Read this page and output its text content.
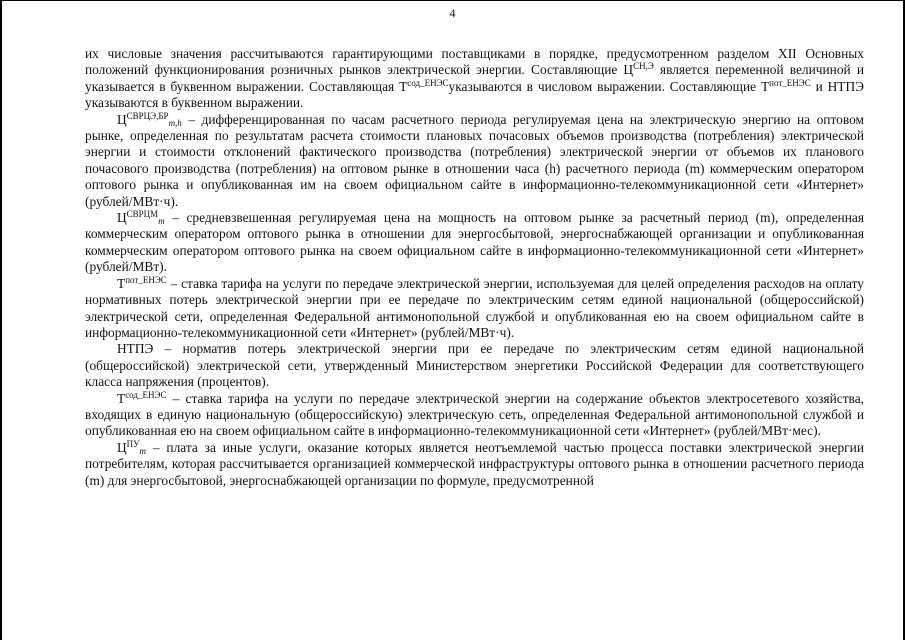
4

их числовые значения рассчитываются гарантирующими поставщиками в порядке, предусмотренном разделом XII Основных положений функционирования розничных рынков электрической энергии. Составляющие $Ц^{СН,Э}$ является переменной величиной и указывается в буквенном выражении. Составляющая $Т^{сод\_ЕНЭС}указываются$ в числовом выражении. Составляющие $Т^{пот\_ЕНЭС}$ и НТПЭ указываются в буквенном выражении.

$Ц^{СВРЦЭ,БР}_{m,h}$ – дифференцированная по часам расчетного периода регулируемая цена на электрическую энергию на оптовом рынке, определенная по результатам расчета стоимости плановых почасовых объемов производства (потребления) электрической энергии и стоимости отклонений фактического производства (потребления) электрической энергии от объемов их планового почасового производства (потребления) на оптовом рынке в отношении часа (h) расчетного периода (m) коммерческим оператором оптового рынка и опубликованная им на своем официальном сайте в информационно-телекоммуникационной сети «Интернет» (рублей/МВт·ч).

$Ц^{СВРЦМ}_m$ – средневзвешенная регулируемая цена на мощность на оптовом рынке за расчетный период (m), определенная коммерческим оператором оптового рынка в отношении для энергосбытовой, энергоснабжающей организации и опубликованная коммерческим оператором оптового рынка на своем официальном сайте в информационно-телекоммуникационной сети «Интернет» (рублей/МВт).

$Т^{пот\_ЕНЭС}$ – ставка тарифа на услуги по передаче электрической энергии, используемая для целей определения расходов на оплату нормативных потерь электрической энергии при ее передаче по электрическим сетям единой национальной (общероссийской) электрической сети, определенная Федеральной антимонопольной службой и опубликованная ею на своем официальном сайте в информационно-телекоммуникационной сети «Интернет» (рублей/МВт·ч).

НТПЭ – норматив потерь электрической энергии при ее передаче по электрическим сетям единой национальной (общероссийской) электрической сети, утвержденный Министерством энергетики Российской Федерации для соответствующего класса напряжения (процентов).

$Т^{сод\_ЕНЭС}$ – ставка тарифа на услуги по передаче электрической энергии на содержание объектов электросетевого хозяйства, входящих в единую национальную (общероссийскую) электрическую сеть, определенная Федеральной антимонопольной службой и опубликованная ею на своем официальном сайте в информационно-телекоммуникационной сети «Интернет» (рублей/МВт·мес).

$Ц^{ПУ}_m$ – плата за иные услуги, оказание которых является неотъемлемой частью процесса поставки электрической энергии потребителям, которая рассчитывается организацией коммерческой инфраструктуры оптового рынка в отношении расчетного периода (m) для энергосбытовой, энергоснабжающей организации по формуле, предусмотренной
